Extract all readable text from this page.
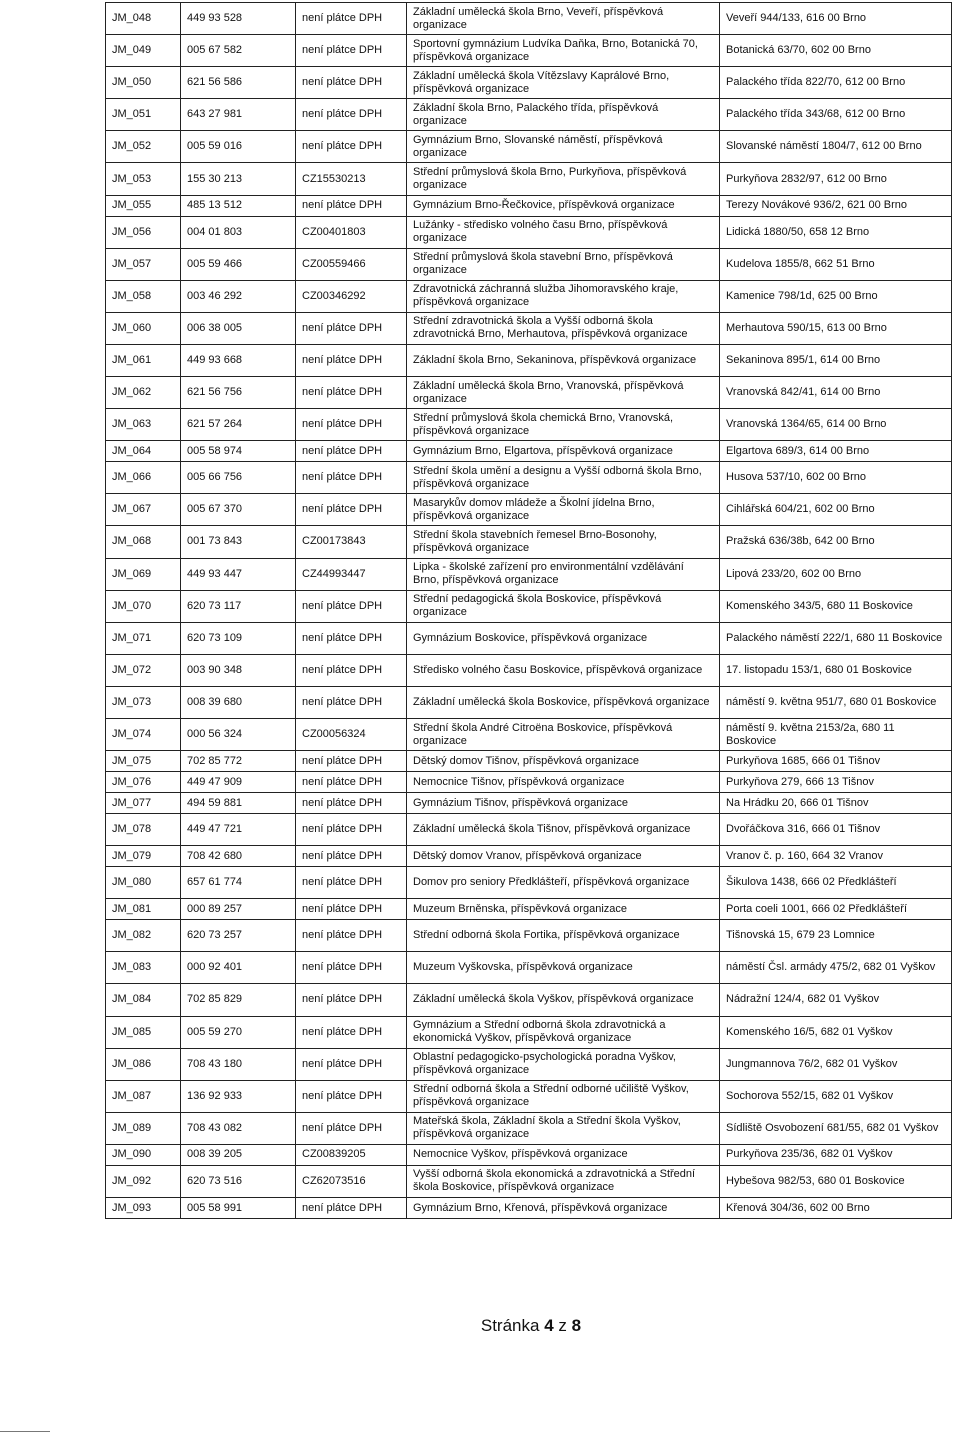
JM_048	449 93 528	není plátce DPH	Základní umělecká škola Brno, Veveří, příspěvková organizace	Veveří 944/133, 616 00 Brno
JM_049	005 67 582	není plátce DPH	Sportovní gymnázium Ludvíka Daňka, Brno, Botanická 70, příspěvková organizace	Botanická 63/70, 602 00 Brno
JM_050	621 56 586	není plátce DPH	Základní umělecká škola Vítězslavy Kaprálové Brno, příspěvková organizace	Palackého třída 822/70, 612 00 Brno
JM_051	643 27 981	není plátce DPH	Základní škola Brno, Palackého třída, příspěvková organizace	Palackého třída 343/68, 612 00 Brno
JM_052	005 59 016	není plátce DPH	Gymnázium Brno, Slovanské náměstí, příspěvková organizace	Slovanské náměstí 1804/7, 612 00 Brno
JM_053	155 30 213	CZ15530213	Střední průmyslová škola Brno, Purkyňova, příspěvková organizace	Purkyňova 2832/97, 612 00 Brno
JM_055	485 13 512	není plátce DPH	Gymnázium Brno-Řečkovice, příspěvková organizace	Terezy Novákové 936/2, 621 00 Brno
JM_056	004 01 803	CZ00401803	Lužánky - středisko volného času Brno, příspěvková organizace	Lidická 1880/50, 658 12 Brno
JM_057	005 59 466	CZ00559466	Střední průmyslová škola stavební Brno, příspěvková organizace	Kudelova 1855/8, 662 51 Brno
JM_058	003 46 292	CZ00346292	Zdravotnická záchranná služba Jihomoravského kraje, příspěvková organizace	Kamenice 798/1d, 625 00 Brno
JM_060	006 38 005	není plátce DPH	Střední zdravotnická škola a Vyšší odborná škola zdravotnická Brno, Merhautova, příspěvková organizace	Merhautova 590/15, 613 00 Brno
JM_061	449 93 668	není plátce DPH	Základní škola Brno, Sekaninova, příspěvková organizace	Sekaninova 895/1, 614 00 Brno
JM_062	621 56 756	není plátce DPH	Základní umělecká škola Brno, Vranovská, příspěvková organizace	Vranovská 842/41, 614 00 Brno
JM_063	621 57 264	není plátce DPH	Střední průmyslová škola chemická Brno, Vranovská, příspěvková organizace	Vranovská 1364/65, 614 00 Brno
JM_064	005 58 974	není plátce DPH	Gymnázium Brno, Elgartova, příspěvková organizace	Elgartova 689/3, 614 00 Brno
JM_066	005 66 756	není plátce DPH	Střední škola umění a designu a Vyšší odborná škola Brno, příspěvková organizace	Husova 537/10, 602 00 Brno
JM_067	005 67 370	není plátce DPH	Masarykův domov mládeže a Školní jídelna Brno, příspěvková organizace	Cihlářská 604/21, 602 00 Brno
JM_068	001 73 843	CZ00173843	Střední škola stavebních řemesel Brno-Bosonohy, příspěvková organizace	Pražská 636/38b, 642 00 Brno
JM_069	449 93 447	CZ44993447	Lipka - školské zařízení pro environmentální vzdělávání Brno, příspěvková organizace	Lipová 233/20, 602 00 Brno
JM_070	620 73 117	není plátce DPH	Střední pedagogická škola Boskovice, příspěvková organizace	Komenského 343/5, 680 11 Boskovice
JM_071	620 73 109	není plátce DPH	Gymnázium Boskovice, příspěvková organizace	Palackého náměstí 222/1, 680 11 Boskovice
JM_072	003 90 348	není plátce DPH	Středisko volného času Boskovice, příspěvková organizace	17. listopadu 153/1, 680 01 Boskovice
JM_073	008 39 680	není plátce DPH	Základní umělecká škola Boskovice, příspěvková organizace	náměstí 9. května 951/7, 680 01 Boskovice
JM_074	000 56 324	CZ00056324	Střední škola André Citroëna Boskovice, příspěvková organizace	náměstí 9. května 2153/2a, 680 11 Boskovice
JM_075	702 85 772	není plátce DPH	Dětský domov Tišnov, příspěvková organizace	Purkyňova 1685, 666 01 Tišnov
JM_076	449 47 909	není plátce DPH	Nemocnice Tišnov, příspěvková organizace	Purkyňova 279, 666 13 Tišnov
JM_077	494 59 881	není plátce DPH	Gymnázium Tišnov, příspěvková organizace	Na Hrádku 20, 666 01 Tišnov
JM_078	449 47 721	není plátce DPH	Základní umělecká škola Tišnov, příspěvková organizace	Dvořáčkova 316, 666 01 Tišnov
JM_079	708 42 680	není plátce DPH	Dětský domov Vranov, příspěvková organizace	Vranov č. p. 160, 664 32 Vranov
JM_080	657 61 774	není plátce DPH	Domov pro seniory Předklášteří, příspěvková organizace	Šikulova 1438, 666 02 Předklášteří
JM_081	000 89 257	není plátce DPH	Muzeum Brněnska, příspěvková organizace	Porta coeli 1001, 666 02 Předklášteří
JM_082	620 73 257	není plátce DPH	Střední odborná škola Fortika, příspěvková organizace	Tišnovská 15, 679 23 Lomnice
JM_083	000 92 401	není plátce DPH	Muzeum Vyškovska, příspěvková organizace	náměstí Čsl. armády 475/2, 682 01 Vyškov
JM_084	702 85 829	není plátce DPH	Základní umělecká škola Vyškov, příspěvková organizace	Nádražní 124/4, 682 01 Vyškov
JM_085	005 59 270	není plátce DPH	Gymnázium a Střední odborná škola zdravotnická a ekonomická Vyškov, příspěvková organizace	Komenského 16/5, 682 01 Vyškov
JM_086	708 43 180	není plátce DPH	Oblastní pedagogicko-psychologická poradna Vyškov, příspěvková organizace	Jungmannova 76/2, 682 01 Vyškov
JM_087	136 92 933	není plátce DPH	Střední odborná škola a Střední odborné učiliště Vyškov, příspěvková organizace	Sochorova 552/15, 682 01 Vyškov
JM_089	708 43 082	není plátce DPH	Mateřská škola, Základní škola a Střední škola Vyškov, příspěvková organizace	Sídliště Osvobození 681/55, 682 01 Vyškov
JM_090	008 39 205	CZ00839205	Nemocnice Vyškov, příspěvková organizace	Purkyňova 235/36, 682 01 Vyškov
JM_092	620 73 516	CZ62073516	Vyšší odborná škola ekonomická a zdravotnická a Střední škola Boskovice, příspěvková organizace	Hybešova 982/53, 680 01 Boskovice
JM_093	005 58 991	není plátce DPH	Gymnázium Brno, Křenová, příspěvková organizace	Křenová 304/36, 602 00 Brno
Stránka 4 z 8
